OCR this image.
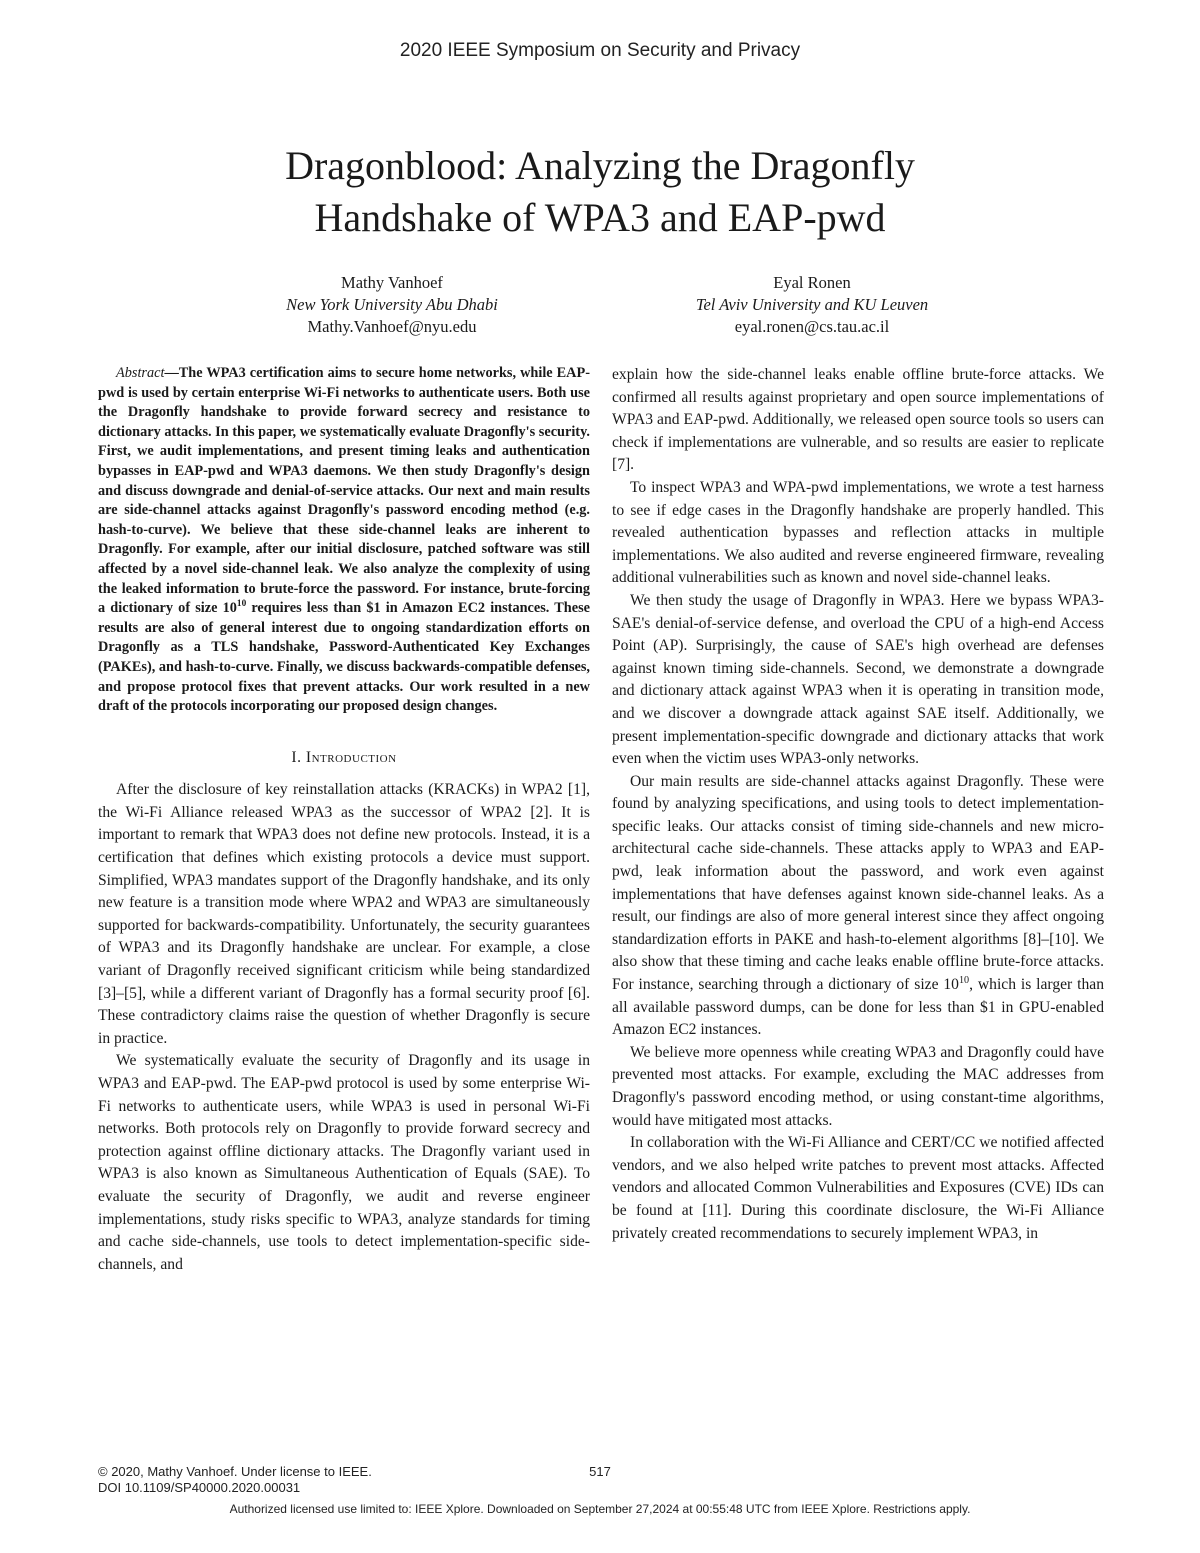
2020 IEEE Symposium on Security and Privacy
Dragonblood: Analyzing the Dragonfly
Handshake of WPA3 and EAP-pwd
Mathy Vanhoef
New York University Abu Dhabi
Mathy.Vanhoef@nyu.edu
Eyal Ronen
Tel Aviv University and KU Leuven
eyal.ronen@cs.tau.ac.il

Abstract—The WPA3 certification aims to secure home networks, while EAP-pwd is used by certain enterprise Wi-Fi networks to authenticate users. Both use the Dragonfly handshake to provide forward secrecy and resistance to dictionary attacks. In this paper, we systematically evaluate Dragonfly's security. First, we audit implementations, and present timing leaks and authentication bypasses in EAP-pwd and WPA3 daemons. We then study Dragonfly's design and discuss downgrade and denial-of-service attacks. Our next and main results are side-channel attacks against Dragonfly's password encoding method (e.g. hash-to-curve). We believe that these side-channel leaks are inherent to Dragonfly. For example, after our initial disclosure, patched software was still affected by a novel side-channel leak. We also analyze the complexity of using the leaked information to brute-force the password. For instance, brute-forcing a dictionary of size $10^{10}$ requires less than $1 in Amazon EC2 instances. These results are also of general interest due to ongoing standardization efforts on Dragonfly as a TLS handshake, Password-Authenticated Key Exchanges (PAKEs), and hash-to-curve. Finally, we discuss backwards-compatible defenses, and propose protocol fixes that prevent attacks. Our work resulted in a new draft of the protocols incorporating our proposed design changes.

I. Introduction

After the disclosure of key reinstallation attacks (KRACKs) in WPA2 [1], the Wi-Fi Alliance released WPA3 as the successor of WPA2 [2]. It is important to remark that WPA3 does not define new protocols. Instead, it is a certification that defines which existing protocols a device must support. Simplified, WPA3 mandates support of the Dragonfly handshake, and its only new feature is a transition mode where WPA2 and WPA3 are simultaneously supported for backwards-compatibility. Unfortunately, the security guarantees of WPA3 and its Dragonfly handshake are unclear. For example, a close variant of Dragonfly received significant criticism while being standardized [3]–[5], while a different variant of Dragonfly has a formal security proof [6]. These contradictory claims raise the question of whether Dragonfly is secure in practice.

We systematically evaluate the security of Dragonfly and its usage in WPA3 and EAP-pwd. The EAP-pwd protocol is used by some enterprise Wi-Fi networks to authenticate users, while WPA3 is used in personal Wi-Fi networks. Both protocols rely on Dragonfly to provide forward secrecy and protection against offline dictionary attacks. The Dragonfly variant used in WPA3 is also known as Simultaneous Authentication of Equals (SAE). To evaluate the security of Dragonfly, we audit and reverse engineer implementations, study risks specific to WPA3, analyze standards for timing and cache side-channels, use tools to detect implementation-specific side-channels, and

explain how the side-channel leaks enable offline brute-force attacks. We confirmed all results against proprietary and open source implementations of WPA3 and EAP-pwd. Additionally, we released open source tools so users can check if implementations are vulnerable, and so results are easier to replicate [7].

To inspect WPA3 and WPA-pwd implementations, we wrote a test harness to see if edge cases in the Dragonfly handshake are properly handled. This revealed authentication bypasses and reflection attacks in multiple implementations. We also audited and reverse engineered firmware, revealing additional vulnerabilities such as known and novel side-channel leaks.

We then study the usage of Dragonfly in WPA3. Here we bypass WPA3-SAE's denial-of-service defense, and overload the CPU of a high-end Access Point (AP). Surprisingly, the cause of SAE's high overhead are defenses against known timing side-channels. Second, we demonstrate a downgrade and dictionary attack against WPA3 when it is operating in transition mode, and we discover a downgrade attack against SAE itself. Additionally, we present implementation-specific downgrade and dictionary attacks that work even when the victim uses WPA3-only networks.

Our main results are side-channel attacks against Dragonfly. These were found by analyzing specifications, and using tools to detect implementation-specific leaks. Our attacks consist of timing side-channels and new micro-architectural cache side-channels. These attacks apply to WPA3 and EAP-pwd, leak information about the password, and work even against implementations that have defenses against known side-channel leaks. As a result, our findings are also of more general interest since they affect ongoing standardization efforts in PAKE and hash-to-element algorithms [8]–[10]. We also show that these timing and cache leaks enable offline brute-force attacks. For instance, searching through a dictionary of size $10^{10}$, which is larger than all available password dumps, can be done for less than $1 in GPU-enabled Amazon EC2 instances.

We believe more openness while creating WPA3 and Dragonfly could have prevented most attacks. For example, excluding the MAC addresses from Dragonfly's password encoding method, or using constant-time algorithms, would have mitigated most attacks.

In collaboration with the Wi-Fi Alliance and CERT/CC we notified affected vendors, and we also helped write patches to prevent most attacks. Affected vendors and allocated Common Vulnerabilities and Exposures (CVE) IDs can be found at [11]. During this coordinate disclosure, the Wi-Fi Alliance privately created recommendations to securely implement WPA3, in

© 2020, Mathy Vanhoef. Under license to IEEE.
DOI 10.1109/SP40000.2020.00031
517
Authorized licensed use limited to: IEEE Xplore. Downloaded on September 27,2024 at 00:55:48 UTC from IEEE Xplore. Restrictions apply.
